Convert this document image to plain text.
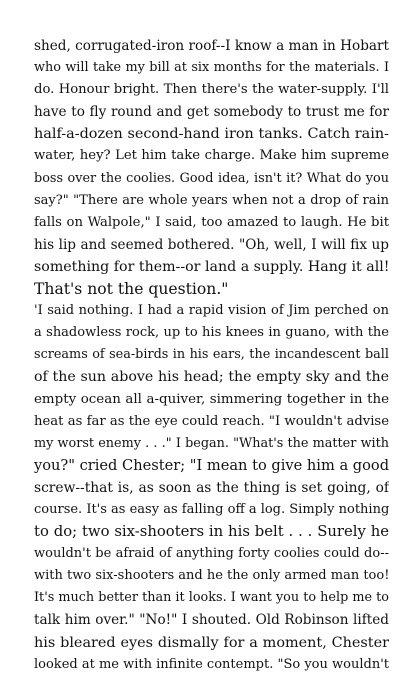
shed, corrugated-iron roof--I know a man in Hobart
who will take my bill at six months for the materials. I
do. Honour bright. Then there's the water-supply. I'll
have to fly round and get somebody to trust me for
half-a-dozen second-hand iron tanks. Catch rain-
water, hey? Let him take charge. Make him supreme
boss over the coolies. Good idea, isn't it? What do you
say?" "There are whole years when not a drop of rain
falls on Walpole," I said, too amazed to laugh. He bit
his lip and seemed bothered. "Oh, well, I will fix up
something for them--or land a supply. Hang it all!
That's not the question."
'I said nothing. I had a rapid vision of Jim perched on
a shadowless rock, up to his knees in guano, with the
screams of sea-birds in his ears, the incandescent ball
of the sun above his head; the empty sky and the
empty ocean all a-quiver, simmering together in the
heat as far as the eye could reach. "I wouldn't advise
my worst enemy . . ." I began. "What's the matter with
you?" cried Chester; "I mean to give him a good
screw--that is, as soon as the thing is set going, of
course. It's as easy as falling off a log. Simply nothing
to do; two six-shooters in his belt . . . Surely he
wouldn't be afraid of anything forty coolies could do--
with two six-shooters and he the only armed man too!
It's much better than it looks. I want you to help me to
talk him over." "No!" I shouted. Old Robinson lifted
his bleared eyes dismally for a moment, Chester
looked at me with infinite contempt. "So you wouldn't
